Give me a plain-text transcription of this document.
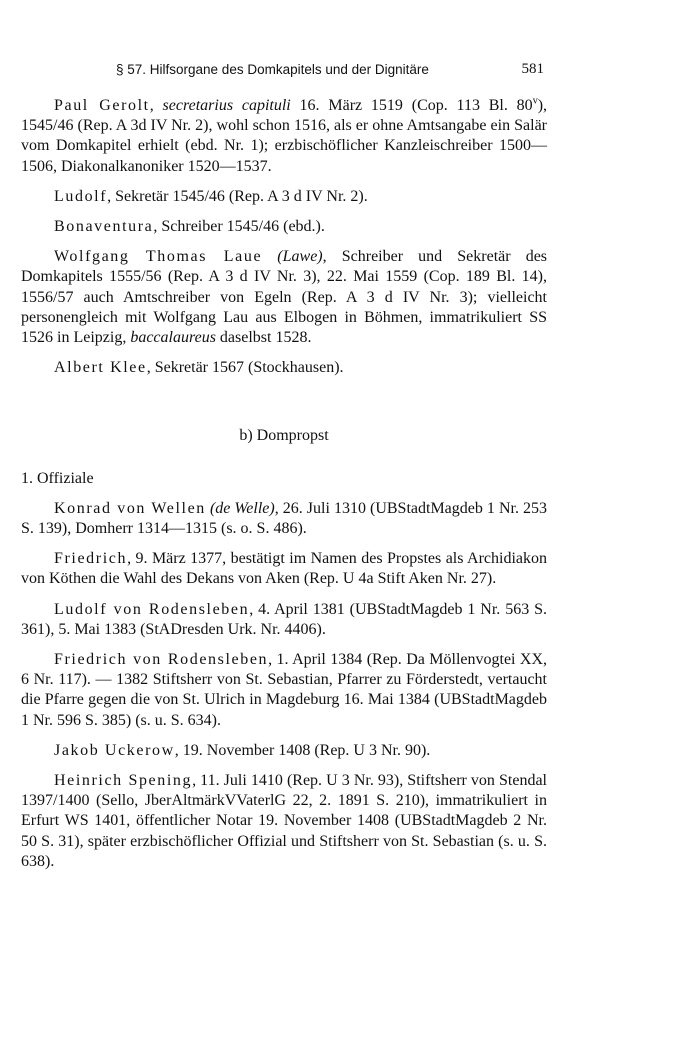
§ 57. Hilfsorgane des Domkapitels und der Dignitäre	581

Paul Gerolt, secretarius capituli 16. März 1519 (Cop. 113 Bl. 80$^v$), 1545/46 (Rep. A 3d IV Nr. 2), wohl schon 1516, als er ohne Amtsangabe ein Salär vom Domkapitel erhielt (ebd. Nr. 1); erzbischöflicher Kanzleischreiber 1500—1506, Diakonalkanoniker 1520—1537.

Ludolf, Sekretär 1545/46 (Rep. A 3 d IV Nr. 2).

Bonaventura, Schreiber 1545/46 (ebd.).

Wolfgang Thomas Laue (Lawe), Schreiber und Sekretär des Domkapitels 1555/56 (Rep. A 3 d IV Nr. 3), 22. Mai 1559 (Cop. 189 Bl. 14), 1556/57 auch Amtschreiber von Egeln (Rep. A 3 d IV Nr. 3); vielleicht personengleich mit Wolfgang Lau aus Elbogen in Böhmen, immatrikuliert SS 1526 in Leipzig, baccalaureus daselbst 1528.

Albert Klee, Sekretär 1567 (Stockhausen).

b) Dompropst

1. Offiziale

Konrad von Wellen (de Welle), 26. Juli 1310 (UBStadtMagdeb 1 Nr. 253 S. 139), Domherr 1314—1315 (s. o. S. 486).

Friedrich, 9. März 1377, bestätigt im Namen des Propstes als Archidiakon von Köthen die Wahl des Dekans von Aken (Rep. U 4a Stift Aken Nr. 27).

Ludolf von Rodensleben, 4. April 1381 (UBStadtMagdeb 1 Nr. 563 S. 361), 5. Mai 1383 (StADresden Urk. Nr. 4406).

Friedrich von Rodensleben, 1. April 1384 (Rep. Da Möllenvogtei XX, 6 Nr. 117). — 1382 Stiftsherr von St. Sebastian, Pfarrer zu Förderstedt, vertaucht die Pfarre gegen die von St. Ulrich in Magdeburg 16. Mai 1384 (UBStadtMagdeb 1 Nr. 596 S. 385) (s. u. S. 634).

Jakob Uckerow, 19. November 1408 (Rep. U 3 Nr. 90).

Heinrich Spening, 11. Juli 1410 (Rep. U 3 Nr. 93), Stiftsherr von Stendal 1397/1400 (Sello, JberAltmärkVVaterlG 22, 2. 1891 S. 210), immatrikuliert in Erfurt WS 1401, öffentlicher Notar 19. November 1408 (UBStadtMagdeb 2 Nr. 50 S. 31), später erzbischöflicher Offizial und Stiftsherr von St. Sebastian (s. u. S. 638).
